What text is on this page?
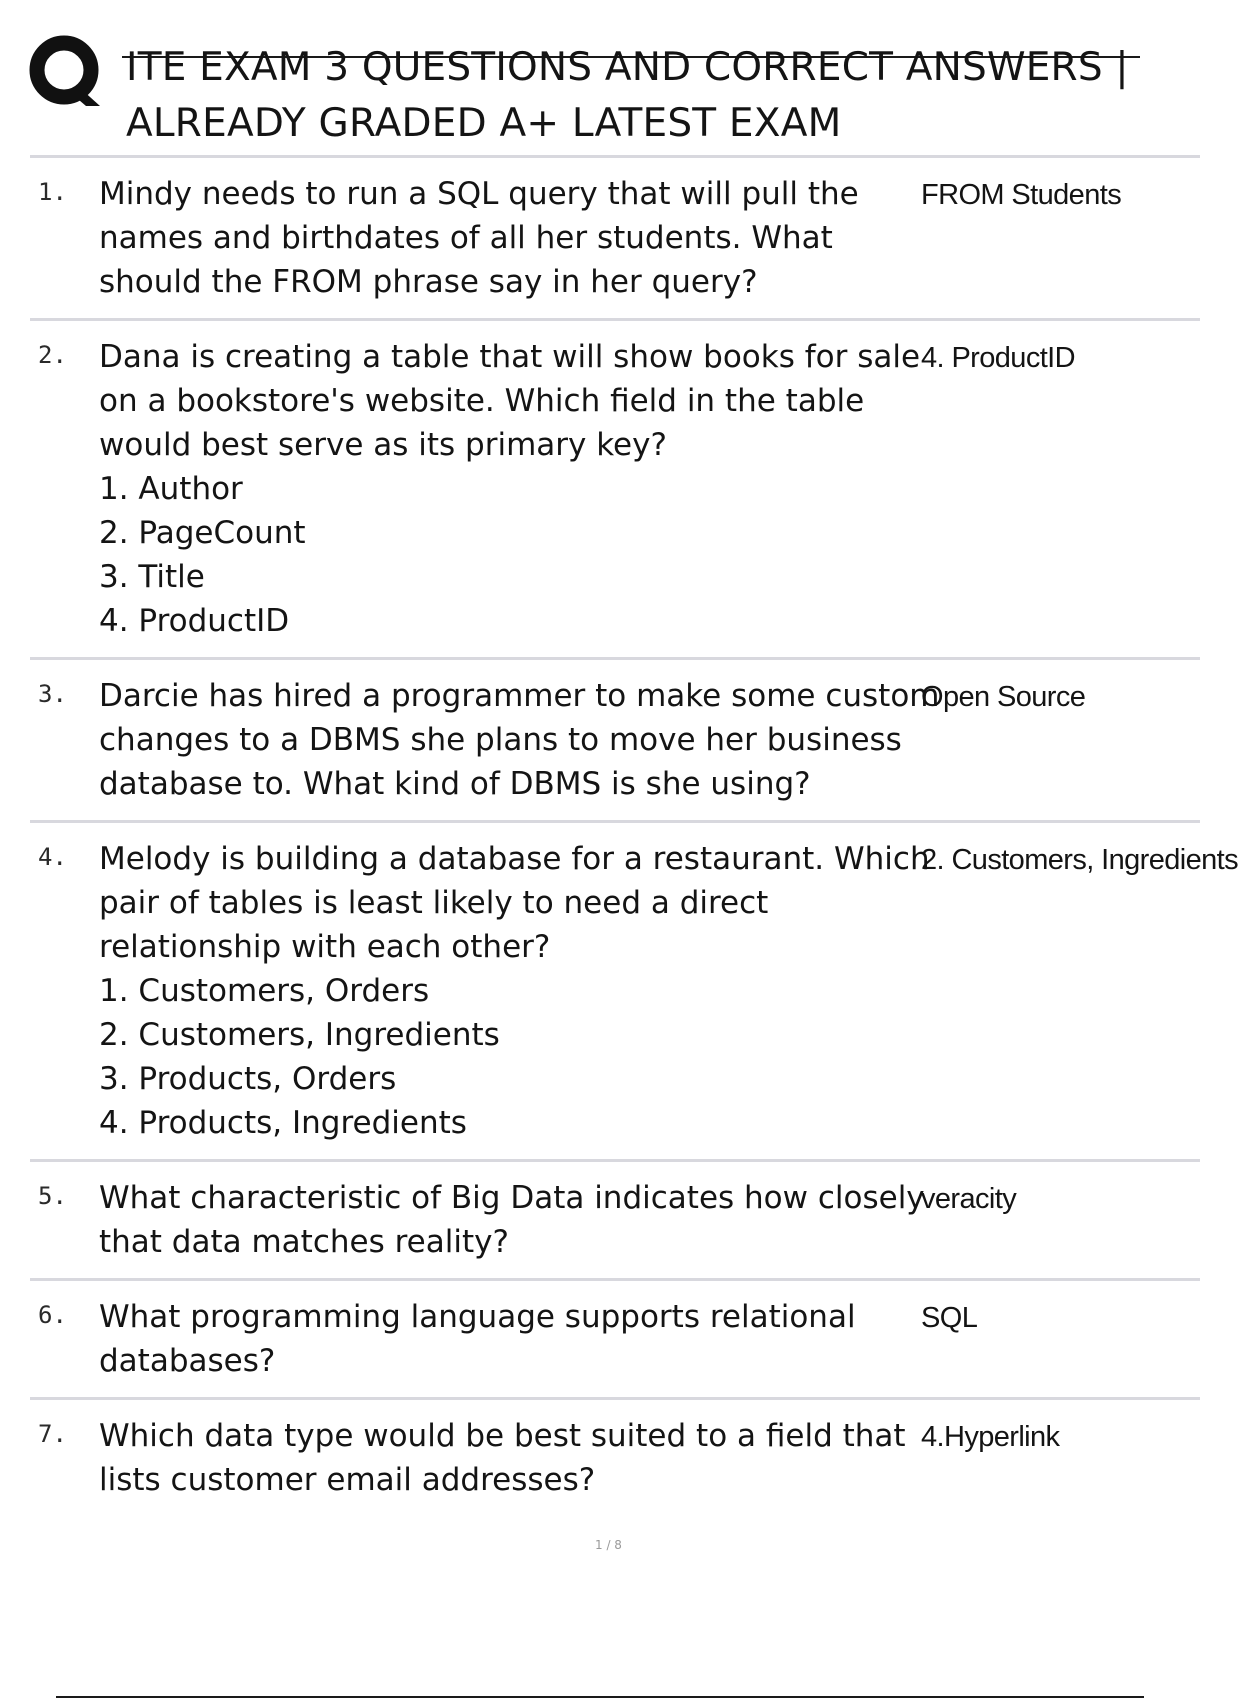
ITE EXAM 3 QUESTIONS AND CORRECT ANSWERS |
ALREADY GRADED A+ LATEST EXAM
1. Mindy needs to run a SQL query that will pull the names and birthdates of all her students. What should the FROM phrase say in her query?
FROM Students
2. Dana is creating a table that will show books for sale on a bookstore's website. Which field in the table would best serve as its primary key?
1. Author
2. PageCount
3. Title
4. ProductID
4. ProductID
3. Darcie has hired a programmer to make some custom changes to a DBMS she plans to move her business database to. What kind of DBMS is she using?
Open Source
4. Melody is building a database for a restaurant. Which pair of tables is least likely to need a direct relationship with each other?
1. Customers, Orders
2. Customers, Ingredients
3. Products, Orders
4. Products, Ingredients
2. Customers, Ingredients
5. What characteristic of Big Data indicates how closely that data matches reality?
veracity
6. What programming language supports relational databases?
SQL
7. Which data type would be best suited to a field that lists customer email addresses?
4.Hyperlink
1 / 8
